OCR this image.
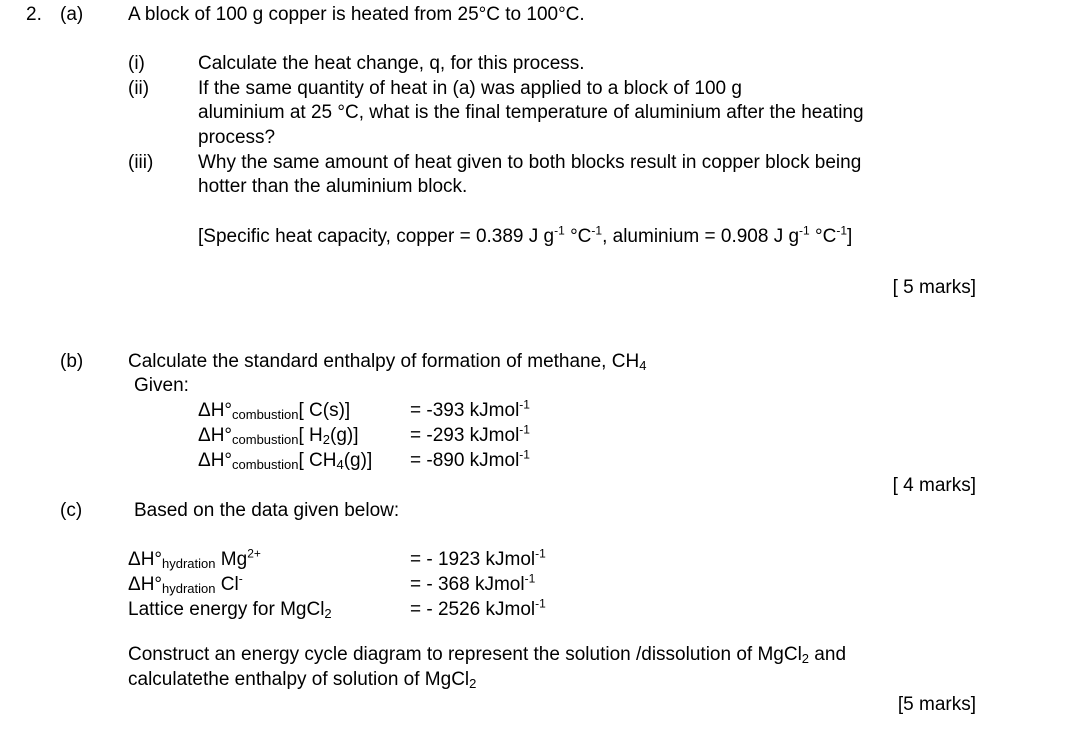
2. (a) A block of 100 g copper is heated from 25°C to 100°C.
(i)	Calculate the heat change, q, for this process.
(ii)	If the same quantity of heat in (a) was applied to a block of 100 g
aluminium at 25 °C, what is the final temperature of aluminium after the heating
process?
(iii) Why the same amount of heat given to both blocks result in copper block being
hotter than the aluminium block.
[Specific heat capacity, copper = 0.389 J $g^{-1}$ $^\circ C^{-1}$, aluminium = 0.908 J $g^{-1}$ $^\circ C^{-1}$]
[ 5 marks]
(b) Calculate the standard enthalpy of formation of methane, $CH_4$
Given:
$\Delta H^\circ_{combustion}$[ C(s)]	= -393 kJmol$^{-1}$
$\Delta H^\circ_{combustion}$[ $H_2(g)$]	= -293 kJmol$^{-1}$
$\Delta H^\circ_{combustion}$[ $CH_4(g)] = -890$ kJmol$^{-1}$
[ 4 marks]
(c)	Based on the data given below:
$\Delta H^\circ_{hydration}$ $Mg^{2+}$	= - 1923 kJmol$^{-1}$
$\Delta H^\circ_{hydration}$ Cl-	= - 368 kJmol$^{-1}$
Lattice energy for MgCl$_2$	= - 2526 kJmol$^{-1}$
Construct an energy cycle diagram to represent the solution /dissolution of MgCl$_2$ and
calculatethe enthalpy of solution of MgCl$_2$
[5 marks]
